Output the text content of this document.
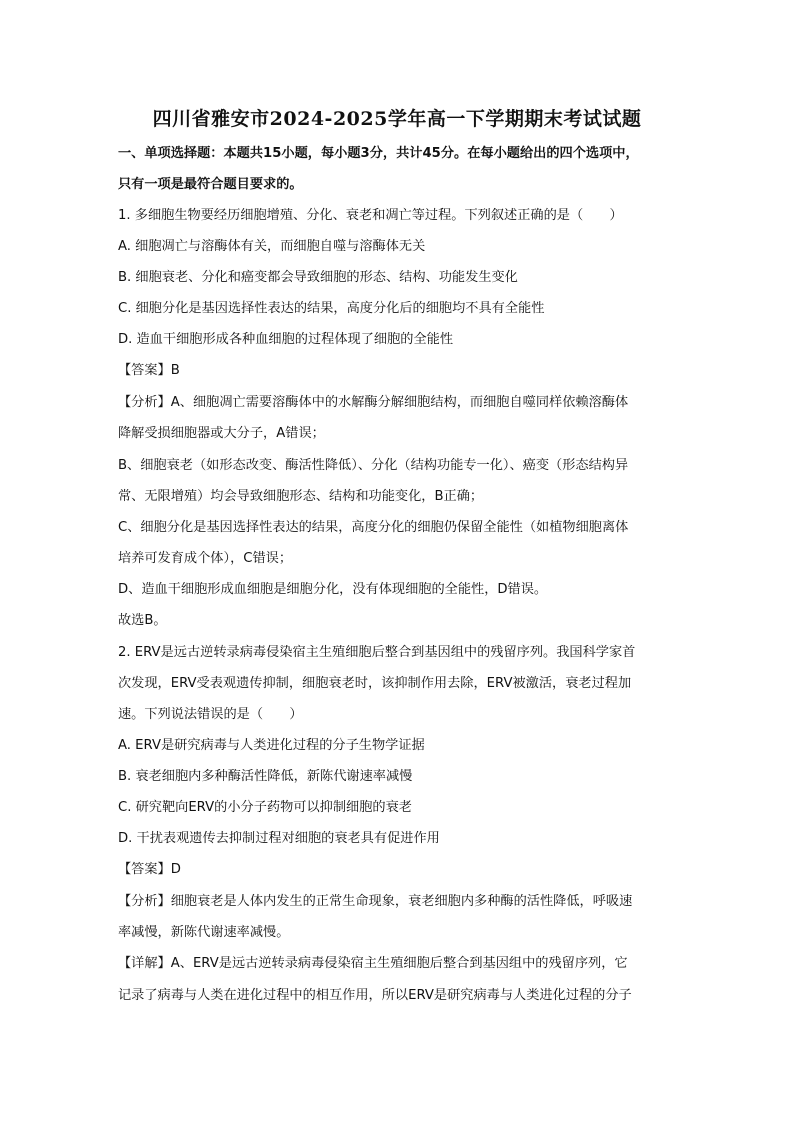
四川省雅安市2024-2025学年高一下学期期末考试试题
一、单项选择题：本题共15小题，每小题3分，共计45分。在每小题给出的四个选项中，
只有一项是最符合题目要求的。
1. 多细胞生物要经历细胞增殖、分化、衰老和凋亡等过程。下列叙述正确的是（　　）
A. 细胞凋亡与溶酶体有关，而细胞自噬与溶酶体无关
B. 细胞衰老、分化和癌变都会导致细胞的形态、结构、功能发生变化
C. 细胞分化是基因选择性表达的结果，高度分化后的细胞均不具有全能性
D. 造血干细胞形成各种血细胞的过程体现了细胞的全能性
【答案】B
【分析】A、细胞凋亡需要溶酶体中的水解酶分解细胞结构，而细胞自噬同样依赖溶酶体
降解受损细胞器或大分子，A错误；
B、细胞衰老（如形态改变、酶活性降低）、分化（结构功能专一化）、癌变（形态结构异
常、无限增殖）均会导致细胞形态、结构和功能变化，B正确；
C、细胞分化是基因选择性表达的结果，高度分化的细胞仍保留全能性（如植物细胞离体
培养可发育成个体），C错误；
D、造血干细胞形成血细胞是细胞分化，没有体现细胞的全能性，D错误。
故选B。
2. ERV是远古逆转录病毒侵染宿主生殖细胞后整合到基因组中的残留序列。我国科学家首
次发现，ERV受表观遗传抑制，细胞衰老时，该抑制作用去除，ERV被激活，衰老过程加
速。下列说法错误的是（　　）
A. ERV是研究病毒与人类进化过程的分子生物学证据
B. 衰老细胞内多种酶活性降低，新陈代谢速率减慢
C. 研究靶向ERV的小分子药物可以抑制细胞的衰老
D. 干扰表观遗传去抑制过程对细胞的衰老具有促进作用
【答案】D
【分析】细胞衰老是人体内发生的正常生命现象，衰老细胞内多种酶的活性降低，呼吸速
率减慢，新陈代谢速率减慢。
【详解】A、ERV是远古逆转录病毒侵染宿主生殖细胞后整合到基因组中的残留序列，它
记录了病毒与人类在进化过程中的相互作用，所以ERV是研究病毒与人类进化过程的分子
